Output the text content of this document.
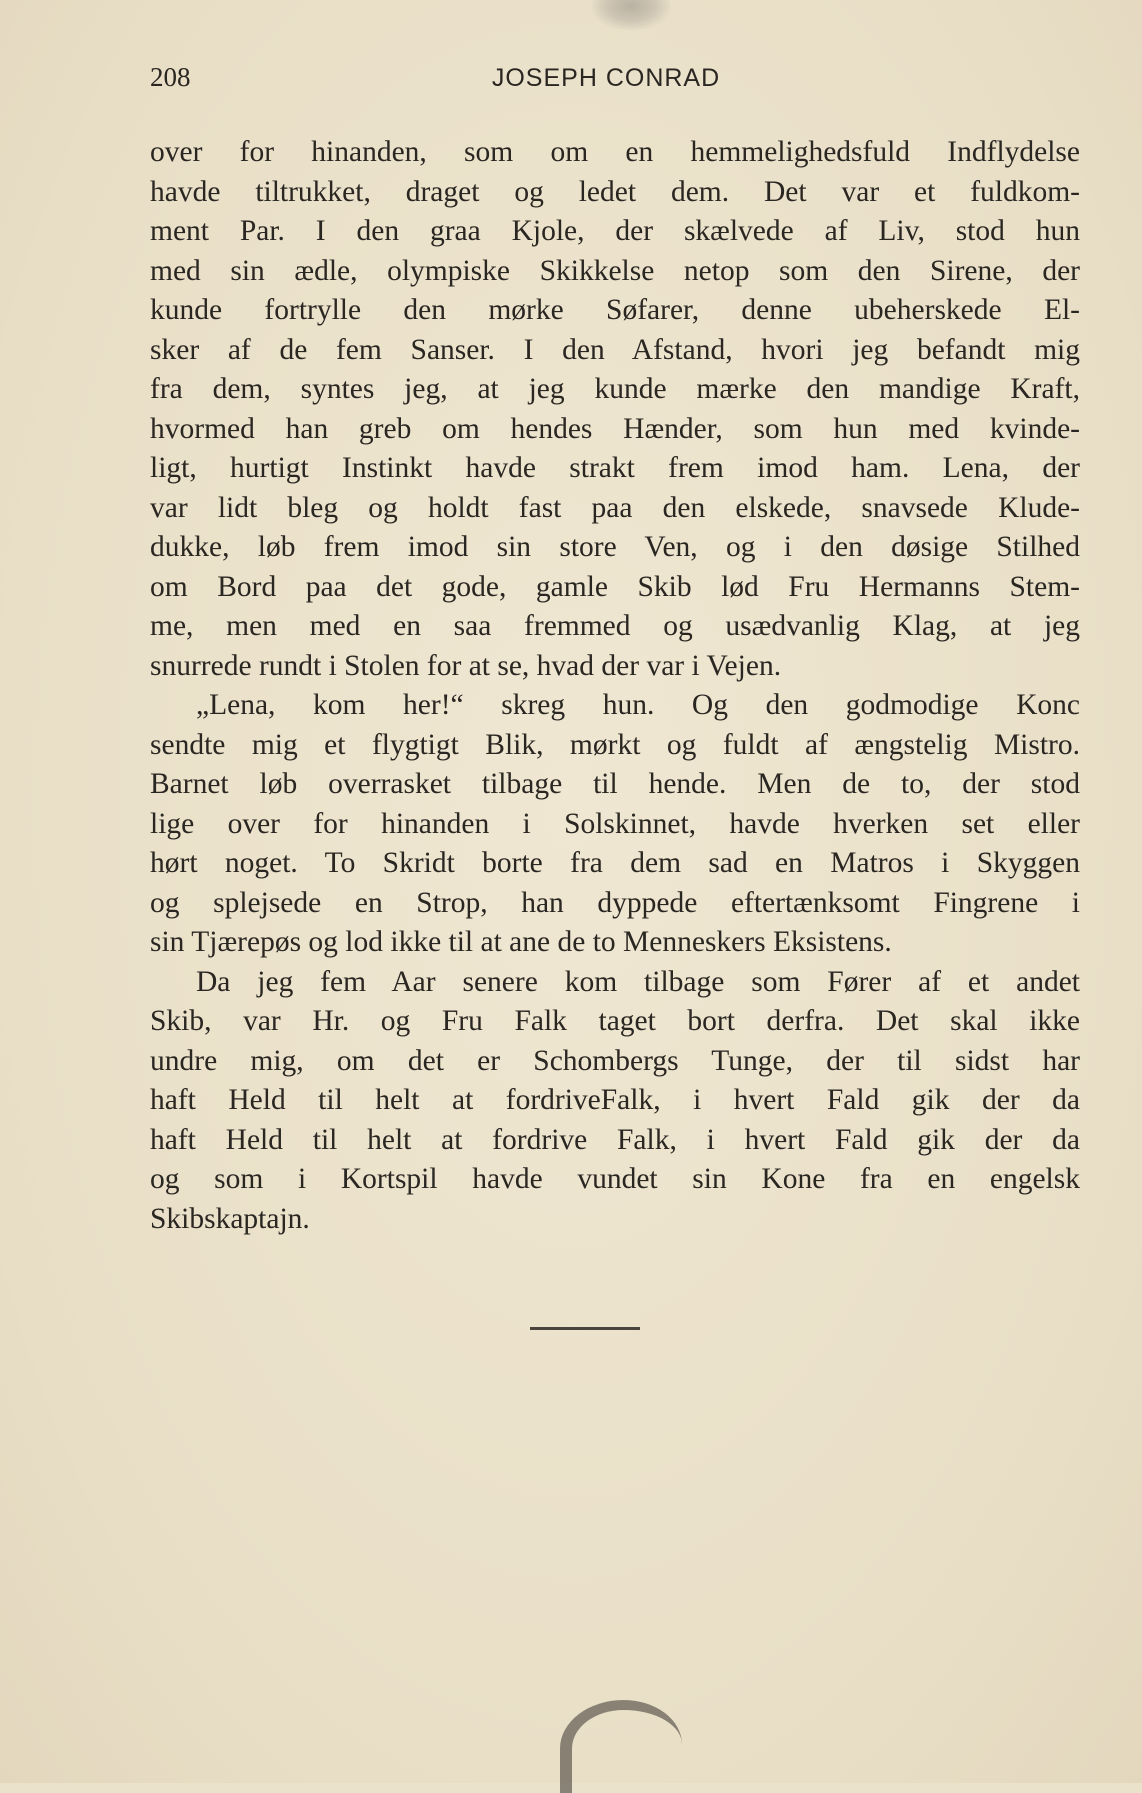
208	JOSEPH CONRAD
over for hinanden, som om en hemmelighedsfuld Indflydelse
havde tiltrukket, draget og ledet dem. Det var et fuldkom-
ment Par. I den graa Kjole, der skælvede af Liv, stod hun
med sin ædle, olympiske Skikkelse netop som den Sirene, der
kunde fortrylle den mørke Søfarer, denne ubeherskede El-
sker af de fem Sanser. I den Afstand, hvori jeg befandt mig
fra dem, syntes jeg, at jeg kunde mærke den mandige Kraft,
hvormed han greb om hendes Hænder, som hun med kvinde-
ligt, hurtigt Instinkt havde strakt frem imod ham. Lena, der
var lidt bleg og holdt fast paa den elskede, snavsede Klude-
dukke, løb frem imod sin store Ven, og i den døsige Stilhed
om Bord paa det gode, gamle Skib lød Fru Hermanns Stem-
me, men med en saa fremmed og usædvanlig Klag, at jeg
snurrede rundt i Stolen for at se, hvad der var i Vejen.
„Lena, kom her!“ skreg hun. Og den godmodige Konc
sendte mig et flygtigt Blik, mørkt og fuldt af ængstelig Mistro.
Barnet løb overrasket tilbage til hende. Men de to, der stod
lige over for hinanden i Solskinnet, havde hverken set eller
hørt noget. To Skridt borte fra dem sad en Matros i Skyggen
og splejsede en Strop, han dyppede eftertænksomt Fingrene i
sin Tjærepøs og lod ikke til at ane de to Menneskers Eksistens.
Da jeg fem Aar senere kom tilbage som Fører af et andet
Skib, var Hr. og Fru Falk taget bort derfra. Det skal ikke
undre mig, om det er Schombergs Tunge, der til sidst har
haft Held til helt at fordriveFalk, i hvert Fald gik der da
haft Held til helt at fordrive Falk, i hvert Fald gik der da
og som i Kortspil havde vundet sin Kone fra en engelsk
Skibskaptajn.
